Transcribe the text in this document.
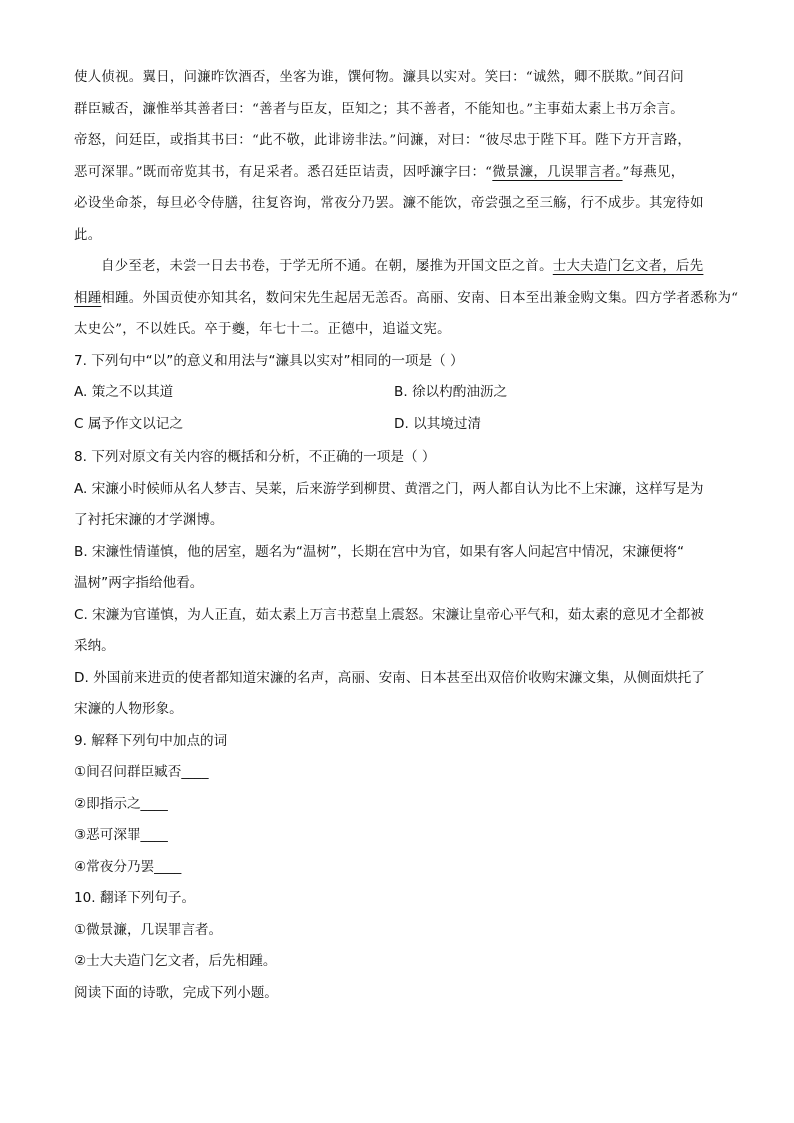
使人侦视。翼日，问濂昨饮酒否，坐客为谁，馔何物。濂具以实对。笑曰：“诚然，卿不朕欺。”间召问
群臣臧否，濂惟举其善者曰：“善者与臣友，臣知之；其不善者，不能知也。”主事茹太素上书万余言。
帝怒，问廷臣，或指其书曰：“此不敬，此诽谤非法。”问濂，对曰：“彼尽忠于陛下耳。陛下方开言路，
恶可深罪。”既而帝览其书，有足采者。悉召廷臣诘责，因呼濂字曰：“微景濂，几误罪言者。”每燕见，
必设坐命茶，每旦必令侍膳，往复咨询，常夜分乃罢。濂不能饮，帝尝强之至三觞，行不成步。其宠待如
此。
自少至老，未尝一日去书卷，于学无所不通。在朝，屡推为开国文臣之首。士大夫造门乞文者，后先
相踵相踵。外国贡使亦知其名，数问宋先生起居无恙否。高丽、安南、日本至出兼金购文集。四方学者悉称为“
太史公”，不以姓氏。卒于夔，年七十二。正德中，追谥文宪。
7. 下列句中“以”的意义和用法与“濂具以实对”相同的一项是（ ）
A. 策之不以其道	B. 徐以杓酌油沥之
C 属予作文以记之	D. 以其境过清
8. 下列对原文有关内容的概括和分析，不正确的一项是（ ）
A. 宋濂小时候师从名人梦吉、吴莱，后来游学到柳贯、黄溍之门，两人都自认为比不上宋濂，这样写是为
了衬托宋濂的才学渊博。
B. 宋濂性情谨慎，他的居室，题名为“温树”，长期在宫中为官，如果有客人问起宫中情况，宋濂便将“
温树”两字指给他看。
C. 宋濂为官谨慎，为人正直，茹太素上万言书惹皇上震怒。宋濂让皇帝心平气和，茹太素的意见才全都被
采纳。
D. 外国前来进贡的使者都知道宋濂的名声，高丽、安南、日本甚至出双倍价收购宋濂文集，从侧面烘托了
宋濂的人物形象。
9. 解释下列句中加点的词
①间召问群臣臧否____
②即指示之____
③恶可深罪____
④常夜分乃罢____
10. 翻译下列句子。
①微景濂，几误罪言者。
②士大夫造门乞文者，后先相踵。
阅读下面的诗歌，完成下列小题。
